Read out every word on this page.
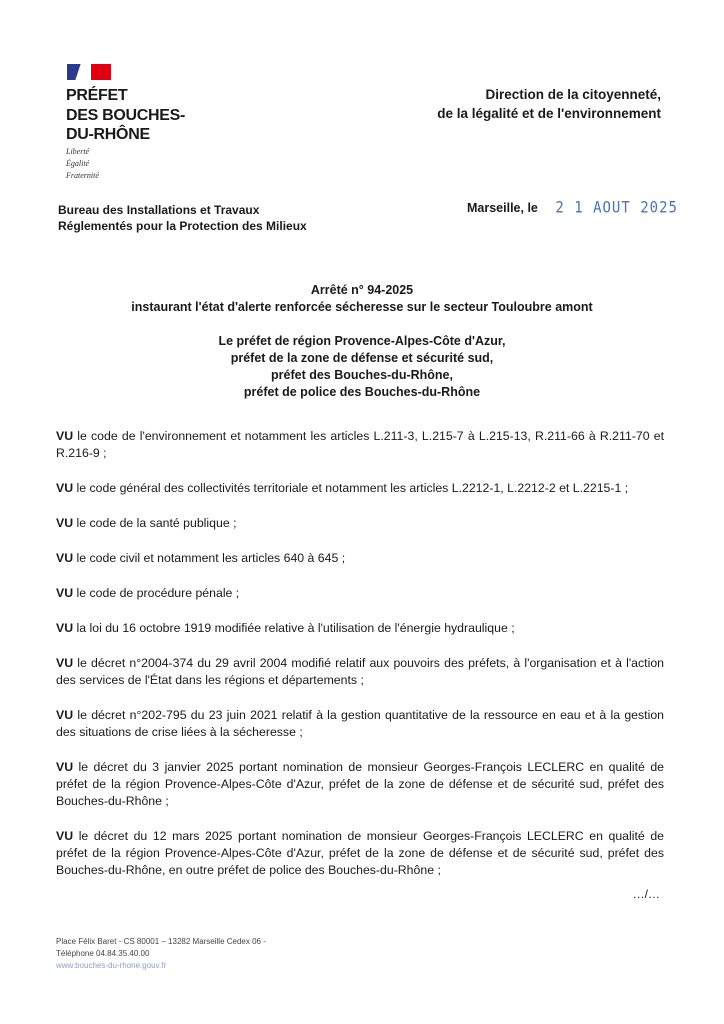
PRÉFET
DES BOUCHES-
DU-RHÔNE
Liberté
Égalité
Fraternité
Direction de la citoyenneté,
de la légalité et de l'environnement
Bureau des Installations et Travaux
Réglementés pour la Protection des Milieux
Marseille, le 2 1 AOUT 2025
Arrêté n° 94-2025
instaurant l'état d'alerte renforcée sécheresse sur le secteur Touloubre amont
Le préfet de région Provence-Alpes-Côte d'Azur,
préfet de la zone de défense et sécurité sud,
préfet des Bouches-du-Rhône,
préfet de police des Bouches-du-Rhône

VU le code de l'environnement et notamment les articles L.211-3, L.215-7 à L.215-13, R.211-66 à R.211-70 et R.216-9 ;

VU le code général des collectivités territoriale et notamment les articles L.2212-1, L.2212-2 et L.2215-1 ;

VU le code de la santé publique ;

VU le code civil et notamment les articles 640 à 645 ;

VU le code de procédure pénale ;

VU la loi du 16 octobre 1919 modifiée relative à l'utilisation de l'énergie hydraulique ;

VU le décret n°2004-374 du 29 avril 2004 modifié relatif aux pouvoirs des préfets, à l'organisation et à l'action des services de l'État dans les régions et départements ;

VU le décret n°202-795 du 23 juin 2021 relatif à la gestion quantitative de la ressource en eau et à la gestion des situations de crise liées à la sécheresse ;

VU le décret du 3 janvier 2025 portant nomination de monsieur Georges-François LECLERC en qualité de préfet de la région Provence-Alpes-Côte d'Azur, préfet de la zone de défense et de sécurité sud, préfet des Bouches-du-Rhône ;

VU le décret du 12 mars 2025 portant nomination de monsieur Georges-François LECLERC en qualité de préfet de la région Provence-Alpes-Côte d'Azur, préfet de la zone de défense et de sécurité sud, préfet des Bouches-du-Rhône, en outre préfet de police des Bouches-du-Rhône ;

…/…
Place Félix Baret - CS 80001 – 13282 Marseille Cedex 06 -
Téléphone 04.84.35.40.00
www.bouches-du-rhone.gouv.fr
